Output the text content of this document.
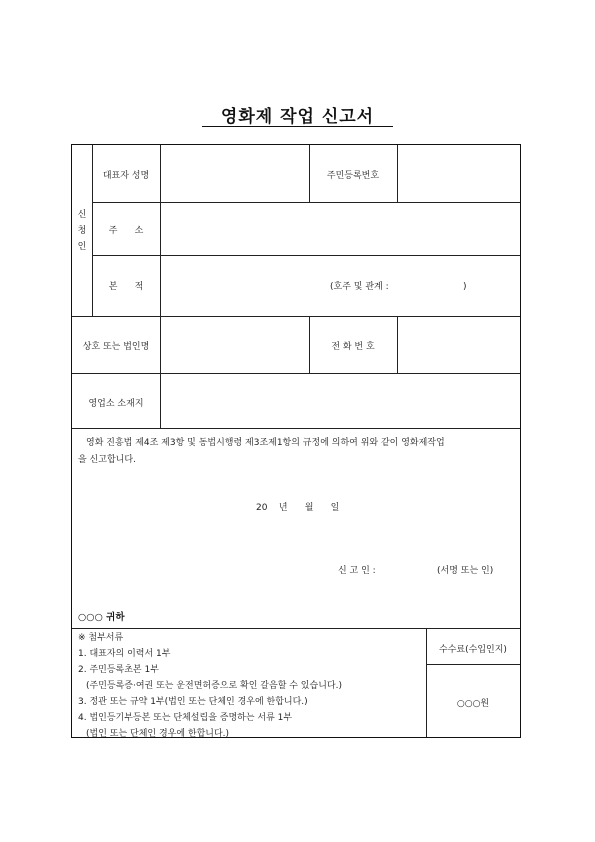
영화제 작업 신고서
신
청
인
대표자 성명	주민등록번호
주      소
본      적	(호주 및 관계 :                          )
상호 또는 법인명	전 화 번 호
영업소 소재지
영화 진흥법 제4조 제3항 및 동법시행령 제3조제1항의 규정에 의하여 위와 같이 영화제작업
을 신고합니다.
20    년      월      일
신 고 인 :	(서명 또는 인)
○○○ 귀하
※ 첨부서류
1. 대표자의 이력서 1부
2. 주민등록초본 1부
(주민등록증·여권 또는 운전면허증으로 확인 갈음할 수 있습니다.)
3. 정관 또는 규약 1부(법인 또는 단체인 경우에 한합니다.)
4. 법인등기부등본 또는 단체설립을 증명하는 서류 1부
(법인 또는 단체인 경우에 한합니다.)
수수료(수입인지)
○○○원
